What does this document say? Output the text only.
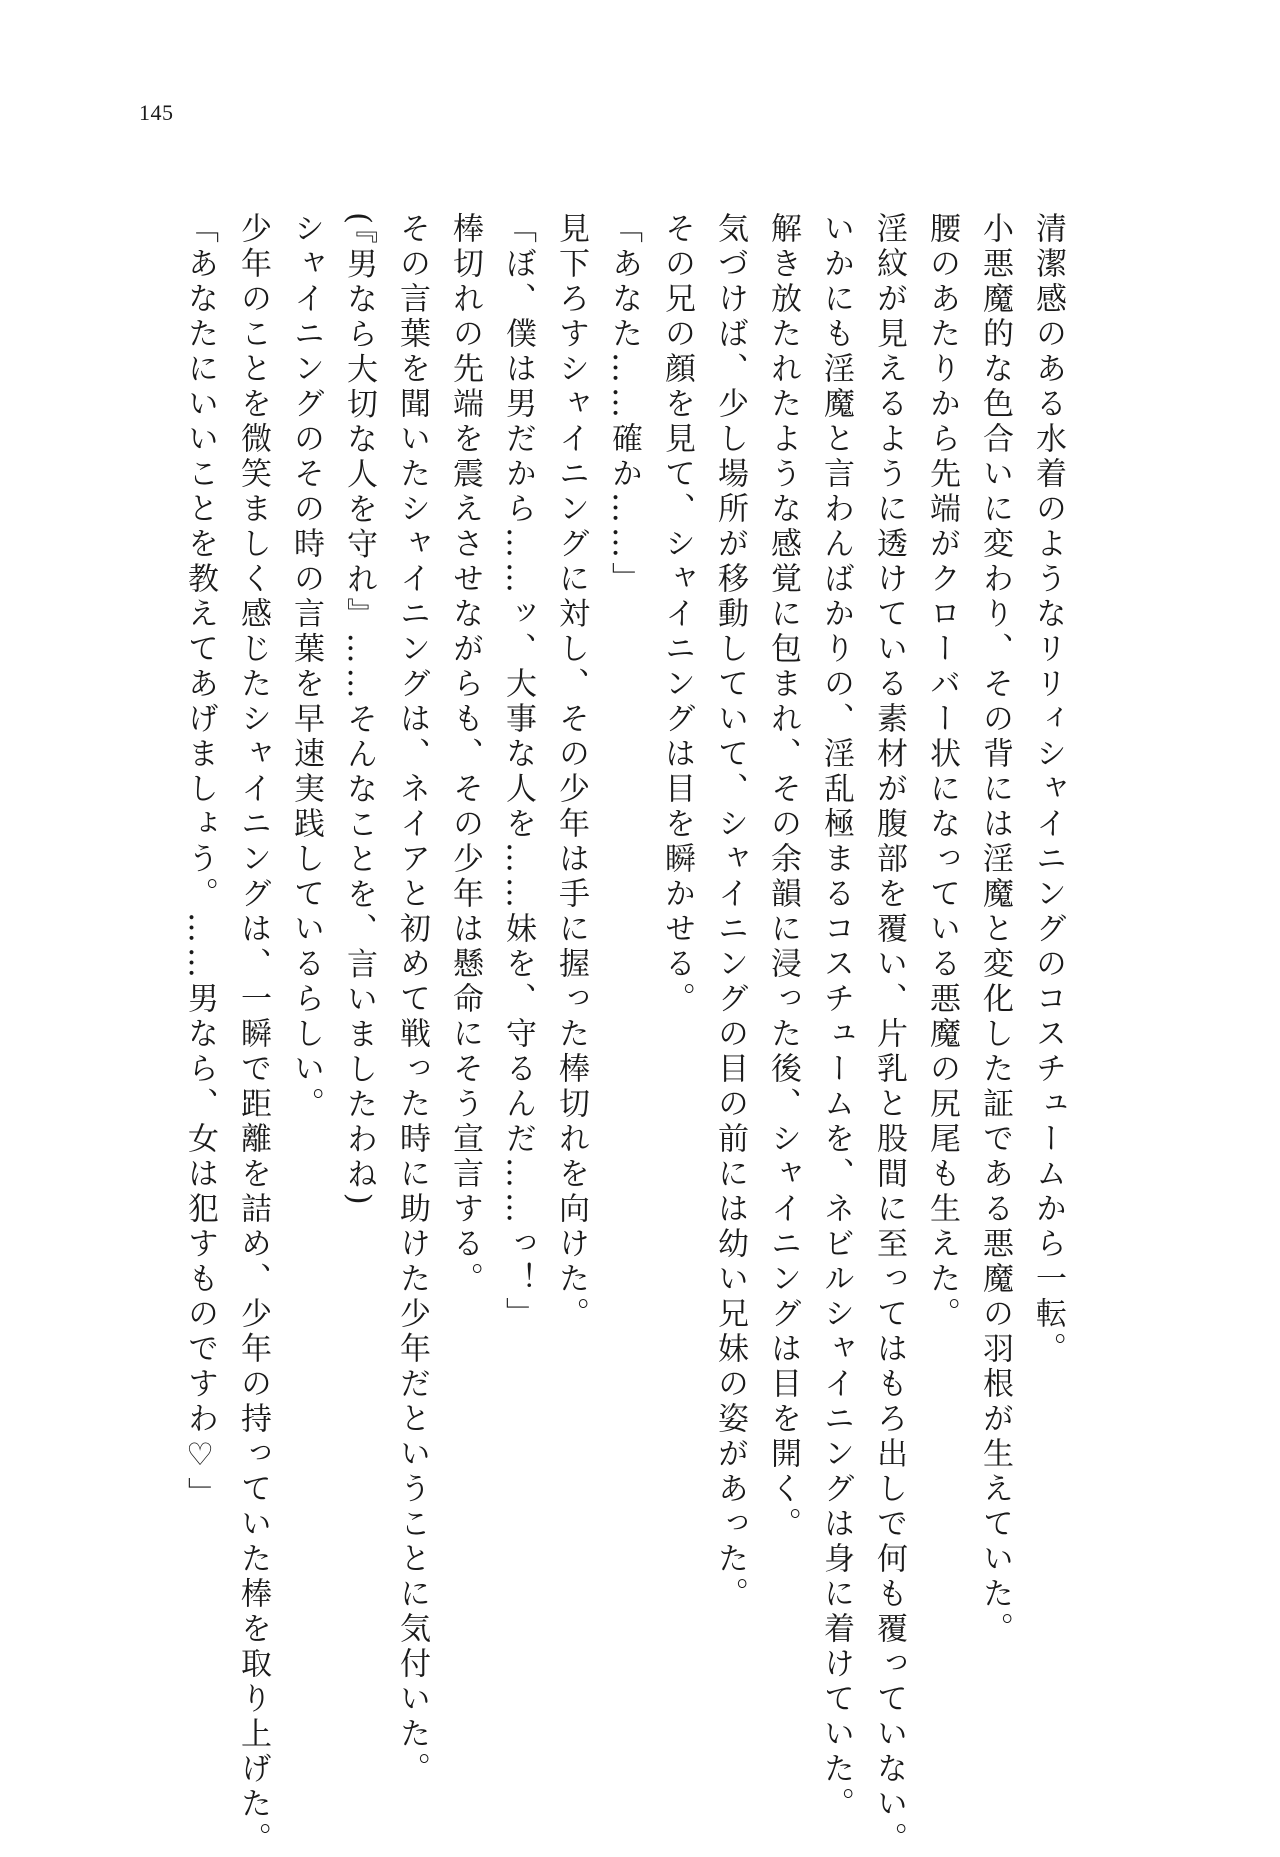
145
清潔感のある水着のようなリリィシャイニングのコスチュームから一転。
小悪魔的な色合いに変わり、その背には淫魔と変化した証である悪魔の羽根が生えていた。
腰のあたりから先端がクローバー状になっている悪魔の尻尾も生えた。
淫紋が見えるように透けている素材が腹部を覆い、片乳と股間に至ってはもろ出しで何も覆っていない。
いかにも淫魔と言わんばかりの、淫乱極まるコスチュームを、ネビルシャイニングは身に着けていた。
解き放たれたような感覚に包まれ、その余韻に浸った後、シャイニングは目を開く。
気づけば、少し場所が移動していて、シャイニングの目の前には幼い兄妹の姿があった。
その兄の顔を見て、シャイニングは目を瞬かせる。
「あなた……確か……」
見下ろすシャイニングに対し、その少年は手に握った棒切れを向けた。
「ぼ、僕は男だから……ッ、大事な人を……妹を、守るんだ……っ！」
棒切れの先端を震えさせながらも、その少年は懸命にそう宣言する。
その言葉を聞いたシャイニングは、ネイアと初めて戦った時に助けた少年だということに気付いた。
(『男なら大切な人を守れ』……そんなことを、言いましたわね)
シャイニングのその時の言葉を早速実践しているらしい。
少年のことを微笑ましく感じたシャイニングは、一瞬で距離を詰め、少年の持っていた棒を取り上げた。
「あなたにいいことを教えてあげましょう。……男なら、女は犯すものですわ♡」
